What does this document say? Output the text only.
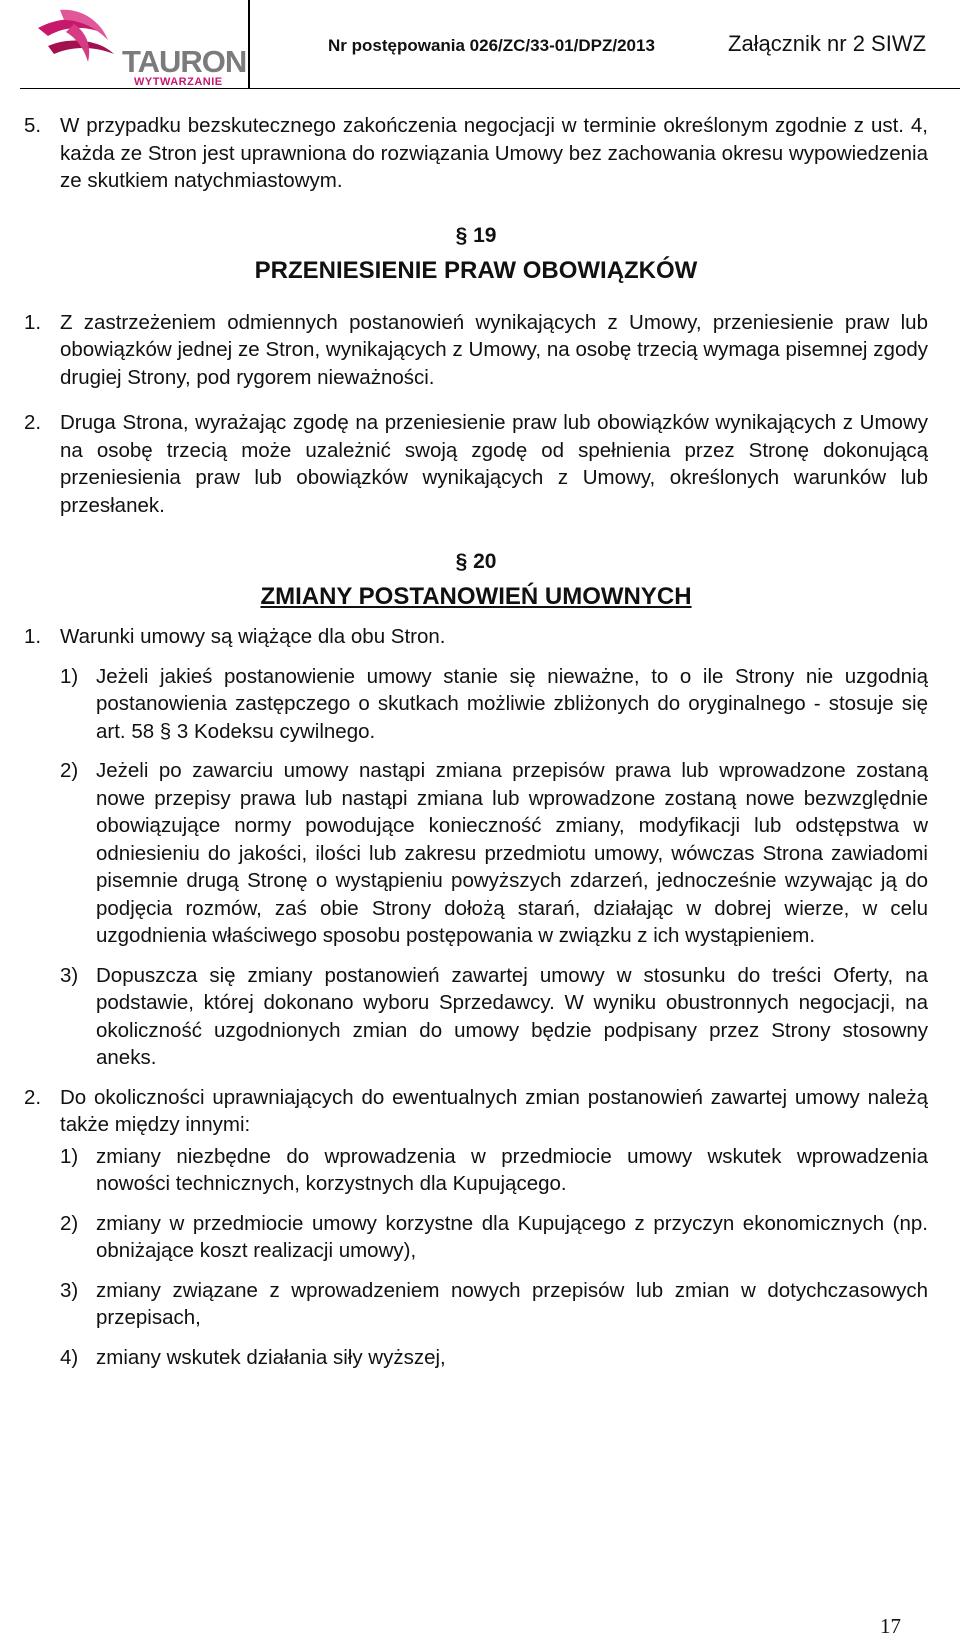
TAURON
WYTWARZANIE
Nr postępowania 026/ZC/33-01/DPZ/2013	Załącznik nr 2 SIWZ
5. W przypadku bezskutecznego zakończenia negocjacji w terminie określonym zgodnie z ust. 4, każda ze Stron jest uprawniona do rozwiązania Umowy bez zachowania okresu wypowiedzenia ze skutkiem natychmiastowym.

§ 19
PRZENIESIENIE PRAW OBOWIĄZKÓW
1. Z zastrzeżeniem odmiennych postanowień wynikających z Umowy, przeniesienie praw lub obowiązków jednej ze Stron, wynikających z Umowy, na osobę trzecią wymaga pisemnej zgody drugiej Strony, pod rygorem nieważności.

2. Druga Strona, wyrażając zgodę na przeniesienie praw lub obowiązków wynikających z Umowy na osobę trzecią może uzależnić swoją zgodę od spełnienia przez Stronę dokonującą przeniesienia praw lub obowiązków wynikających z Umowy, określonych warunków lub przesłanek.

§ 20
ZMIANY POSTANOWIEŃ UMOWNYCH
1. Warunki umowy są wiążące dla obu Stron.

1) Jeżeli jakieś postanowienie umowy stanie się nieważne, to o ile Strony nie uzgodnią postanowienia zastępczego o skutkach możliwie zbliżonych do oryginalnego - stosuje się art. 58 § 3 Kodeksu cywilnego.

2) Jeżeli po zawarciu umowy nastąpi zmiana przepisów prawa lub wprowadzone zostaną nowe przepisy prawa lub nastąpi zmiana lub wprowadzone zostaną nowe bezwzględnie obowiązujące normy powodujące konieczność zmiany, modyfikacji lub odstępstwa w odniesieniu do jakości, ilości lub zakresu przedmiotu umowy, wówczas Strona zawiadomi pisemnie drugą Stronę o wystąpieniu powyższych zdarzeń, jednocześnie wzywając ją do podjęcia rozmów, zaś obie Strony dołożą starań, działając w dobrej wierze, w celu uzgodnienia właściwego sposobu postępowania w związku z ich wystąpieniem.

3) Dopuszcza się zmiany postanowień zawartej umowy w stosunku do treści Oferty, na podstawie, której dokonano wyboru Sprzedawcy. W wyniku obustronnych negocjacji, na okoliczność uzgodnionych zmian do umowy będzie podpisany przez Strony stosowny aneks.

2. Do okoliczności uprawniających do ewentualnych zmian postanowień zawartej umowy należą także między innymi:

1) zmiany niezbędne do wprowadzenia w przedmiocie umowy wskutek wprowadzenia nowości technicznych, korzystnych dla Kupującego.

2) zmiany w przedmiocie umowy korzystne dla Kupującego z przyczyn ekonomicznych (np. obniżające koszt realizacji umowy),

3) zmiany związane z wprowadzeniem nowych przepisów lub zmian w dotychczasowych przepisach,

4) zmiany wskutek działania siły wyższej,

17
